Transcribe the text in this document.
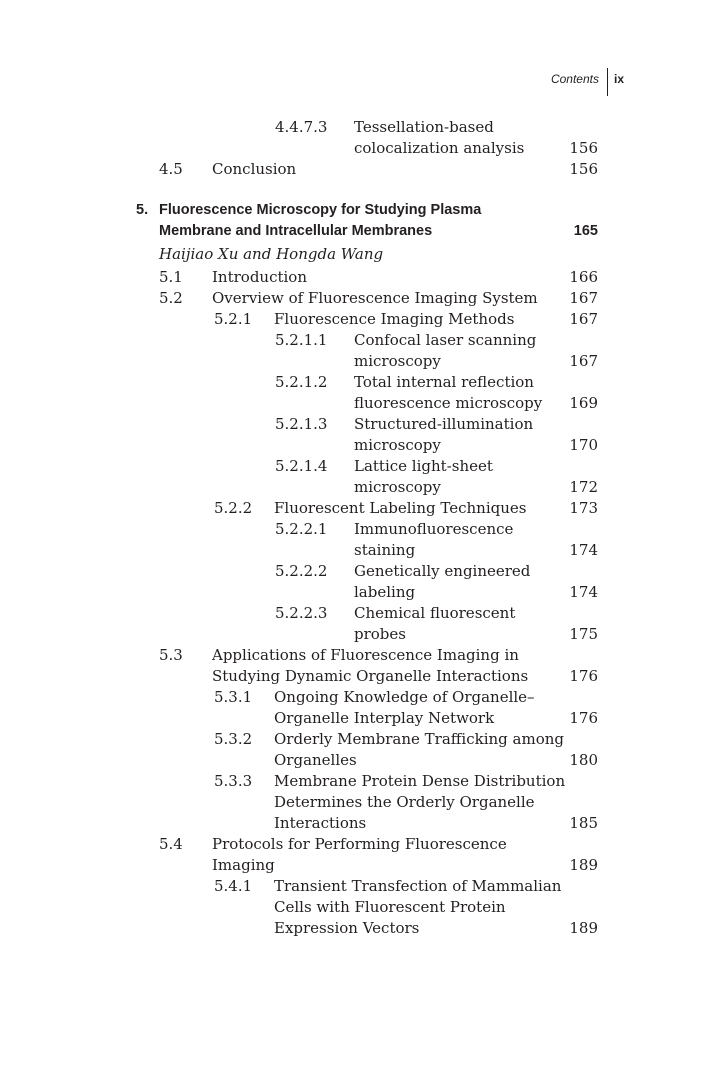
Contents	ix
4.4.7.3 Tessellation-based
colocalization analysis	156
4.5 Conclusion	156
5. Fluorescence Microscopy for Studying Plasma
Membrane and Intracellular Membranes	165
Haijiao Xu and Hongda Wang
5.1 Introduction	166
5.2 Overview of Fluorescence Imaging System 167
5.2.1 Fluorescence Imaging Methods	167
5.2.1.1 Confocal laser scanning
microscopy	167
5.2.1.2 Total internal reflection
fluorescence microscopy 169
5.2.1.3 Structured-illumination
microscopy	170
5.2.1.4 Lattice light-sheet
microscopy	172
5.2.2 Fluorescent Labeling Techniques	173
5.2.2.1 Immunofluorescence
staining	174
5.2.2.2 Genetically engineered
labeling	174
5.2.2.3 Chemical fluorescent
probes	175
5.3 Applications of Fluorescence Imaging in
Studying Dynamic Organelle Interactions	176
5.3.1 Ongoing Knowledge of Organelle–
Organelle Interplay Network	176
5.3.2 Orderly Membrane Trafficking among
Organelles	180
5.3.3 Membrane Protein Dense Distribution
Determines the Orderly Organelle
Interactions	185
5.4 Protocols for Performing Fluorescence
Imaging	189
5.4.1 Transient Transfection of Mammalian
Cells with Fluorescent Protein
Expression Vectors	189
